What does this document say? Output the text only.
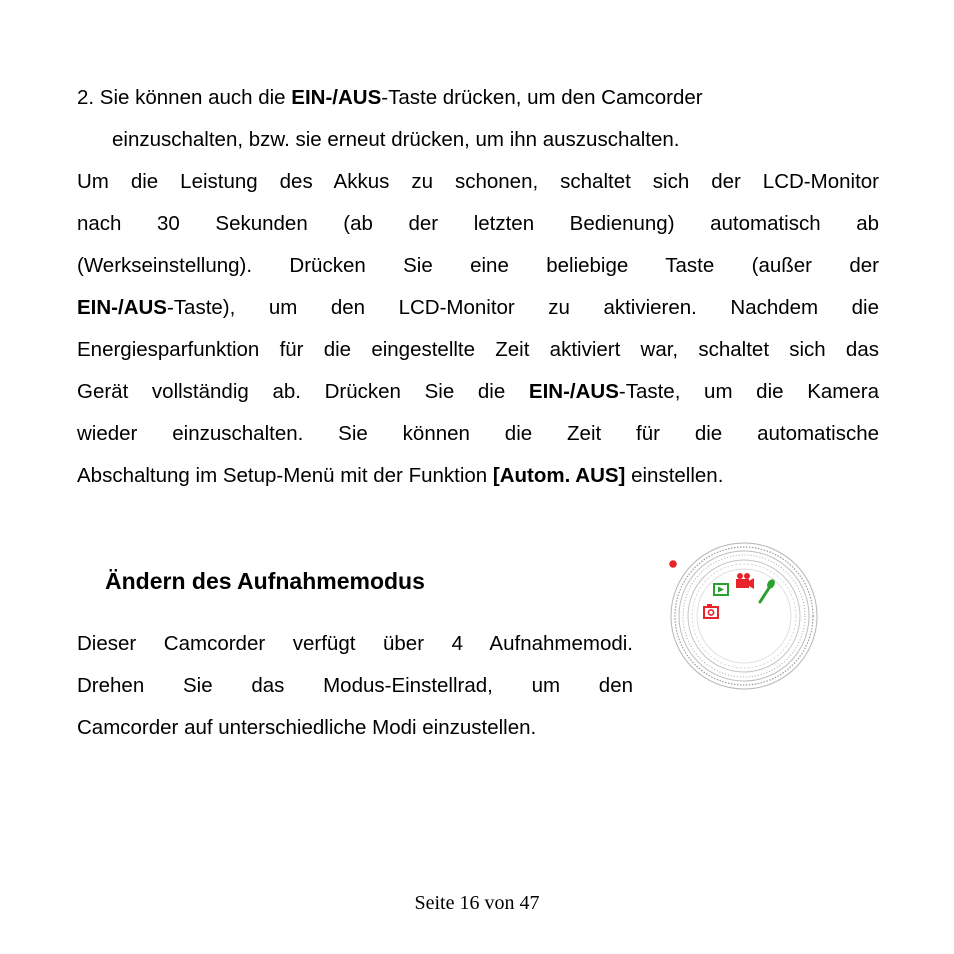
2. Sie können auch die EIN-/AUS-Taste drücken, um den Camcorder
einzuschalten, bzw. sie erneut drücken, um ihn auszuschalten.
Um die Leistung des Akkus zu schonen, schaltet sich der LCD-Monitor
nach 30 Sekunden (ab der letzten Bedienung) automatisch ab
(Werkseinstellung). Drücken Sie eine beliebige Taste (außer der
EIN-/AUS-Taste), um den LCD-Monitor zu aktivieren. Nachdem die
Energiesparfunktion für die eingestellte Zeit aktiviert war, schaltet sich das
Gerät vollständig ab. Drücken Sie die EIN-/AUS-Taste, um die Kamera
wieder einzuschalten. Sie können die Zeit für die automatische
Abschaltung im Setup-Menü mit der Funktion [Autom. AUS] einstellen.
Ändern des Aufnahmemodus
Dieser Camcorder verfügt über 4 Aufnahmemodi.
Drehen Sie das Modus-Einstellrad, um den
Camcorder auf unterschiedliche Modi einzustellen.
Seite 16 von 47
